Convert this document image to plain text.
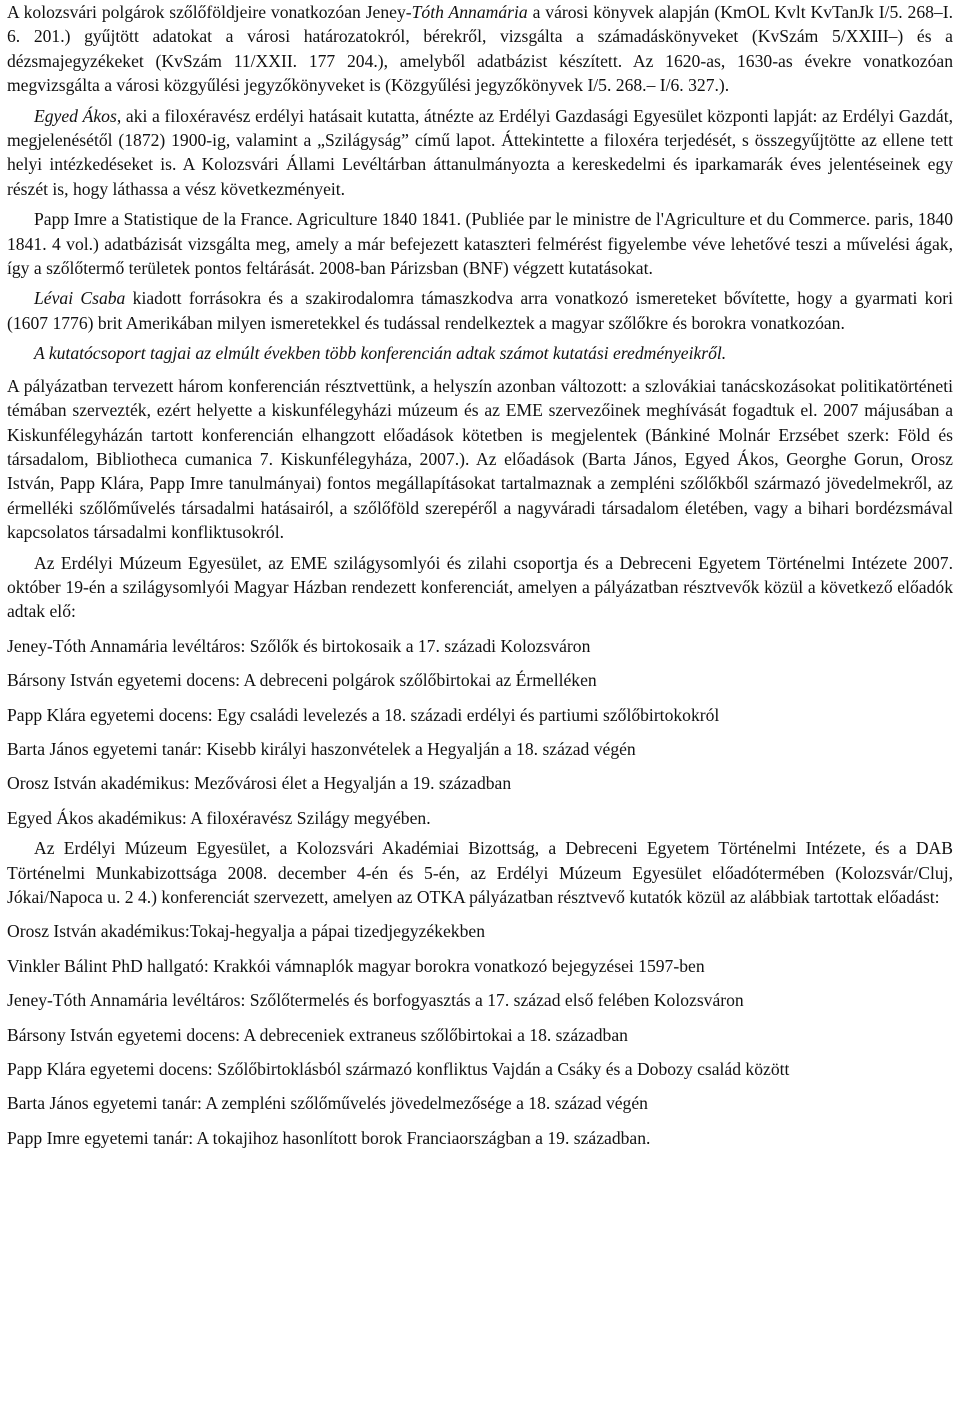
A kolozsvári polgárok szőlőföldjeire vonatkozóan Jeney-Tóth Annamária a városi könyvek alapján (KmOL Kvlt KvTanJk I/5. 268–I. 6. 201.) gyűjtött adatokat a városi határozatokról, bérekről, vizsgálta a számadáskönyveket (KvSzám 5/XXIII–) és a dézsmajegyzékeket (KvSzám 11/XXII. 177 204.), amelyből adatbázist készített. Az 1620-as, 1630-as évekre vonatkozóan megvizsgálta a városi közgyűlési jegyzőkönyveket is (Közgyűlési jegyzőkönyvek I/5. 268.– I/6. 327.).

Egyed Ákos, aki a filoxéravész erdélyi hatásait kutatta, átnézte az Erdélyi Gazdasági Egyesület központi lapját: az Erdélyi Gazdát, megjelenésétől (1872) 1900-ig, valamint a „Szilágyság” című lapot. Áttekintette a filoxéra terjedését, s összegyűjtötte az ellene tett helyi intézkedéseket is. A Kolozsvári Állami Levéltárban áttanulmányozta a kereskedelmi és iparkamarák éves jelentéseinek egy részét is, hogy láthassa a vész következményeit.

Papp Imre a Statistique de la France. Agriculture 1840 1841. (Publiée par le ministre de l'Agriculture et du Commerce. paris, 1840 1841. 4 vol.) adatbázisát vizsgálta meg, amely a már befejezett kataszteri felmérést figyelembe véve lehetővé teszi a művelési ágak, így a szőlőtermő területek pontos feltárását. 2008-ban Párizsban (BNF) végzett kutatásokat.

Lévai Csaba kiadott forrásokra és a szakirodalomra támaszkodva arra vonatkozó ismereteket bővítette, hogy a gyarmati kori (1607 1776) brit Amerikában milyen ismeretekkel és tudással rendelkeztek a magyar szőlőkre és borokra vonatkozóan.

A kutatócsoport tagjai az elmúlt években több konferencián adtak számot kutatási eredményeikről.

A pályázatban tervezett három konferencián résztvettünk, a helyszín azonban változott: a szlovákiai tanácskozásokat politikatörténeti témában szervezték, ezért helyette a kiskunfélegyházi múzeum és az EME szervezőinek meghívását fogadtuk el. 2007 májusában a Kiskunfélegyházán tartott konferencián elhangzott előadások kötetben is megjelentek (Bánkiné Molnár Erzsébet szerk: Föld és társadalom, Bibliotheca cumanica 7. Kiskunfélegyháza, 2007.). Az előadások (Barta János, Egyed Ákos, Georghe Gorun, Orosz István, Papp Klára, Papp Imre tanulmányai) fontos megállapításokat tartalmaznak a zempléni szőlőkből származó jövedelmekről, az érmelléki szőlőművelés társadalmi hatásairól, a szőlőföld szerepéről a nagyváradi társadalom életében, vagy a bihari bordézsmával kapcsolatos társadalmi konfliktusokról.

Az Erdélyi Múzeum Egyesület, az EME szilágysomlyói és zilahi csoportja és a Debreceni Egyetem Történelmi Intézete 2007. október 19-én a szilágysomlyói Magyar Házban rendezett konferenciát, amelyen a pályázatban résztvevők közül a következő előadók adtak elő:

Jeney-Tóth Annamária levéltáros: Szőlők és birtokosaik a 17. századi Kolozsváron

Bársony István egyetemi docens: A debreceni polgárok szőlőbirtokai az Érmelléken

Papp Klára egyetemi docens: Egy családi levelezés a 18. századi erdélyi és partiumi szőlőbirtokokról

Barta János egyetemi tanár: Kisebb királyi haszonvételek a Hegyalján a 18. század végén

Orosz István akadémikus: Mezővárosi élet a Hegyalján a 19. században

Egyed Ákos akadémikus: A filoxéravész Szilágy megyében.

Az Erdélyi Múzeum Egyesület, a Kolozsvári Akadémiai Bizottság, a Debreceni Egyetem Történelmi Intézete, és a DAB Történelmi Munkabizottsága 2008. december 4-én és 5-én, az Erdélyi Múzeum Egyesület előadótermében (Kolozsvár/Cluj, Jókai/Napoca u. 2 4.) konferenciát szervezett, amelyen az OTKA pályázatban résztvevő kutatók közül az alábbiak tartottak előadást:

Orosz István akadémikus:Tokaj-hegyalja a pápai tizedjegyzékekben

Vinkler Bálint PhD hallgató: Krakkói vámnaplók magyar borokra vonatkozó bejegyzései 1597-ben

Jeney-Tóth Annamária levéltáros: Szőlőtermelés és borfogyasztás a 17. század első felében Kolozsváron

Bársony István egyetemi docens: A debreceniek extraneus szőlőbirtokai a 18. században

Papp Klára egyetemi docens: Szőlőbirtoklásból származó konfliktus Vajdán a Csáky és a Dobozy család között

Barta János egyetemi tanár: A zempléni szőlőművelés jövedelmezősége a 18. század végén

Papp Imre egyetemi tanár: A tokajihoz hasonlított borok Franciaországban a 19. században.
